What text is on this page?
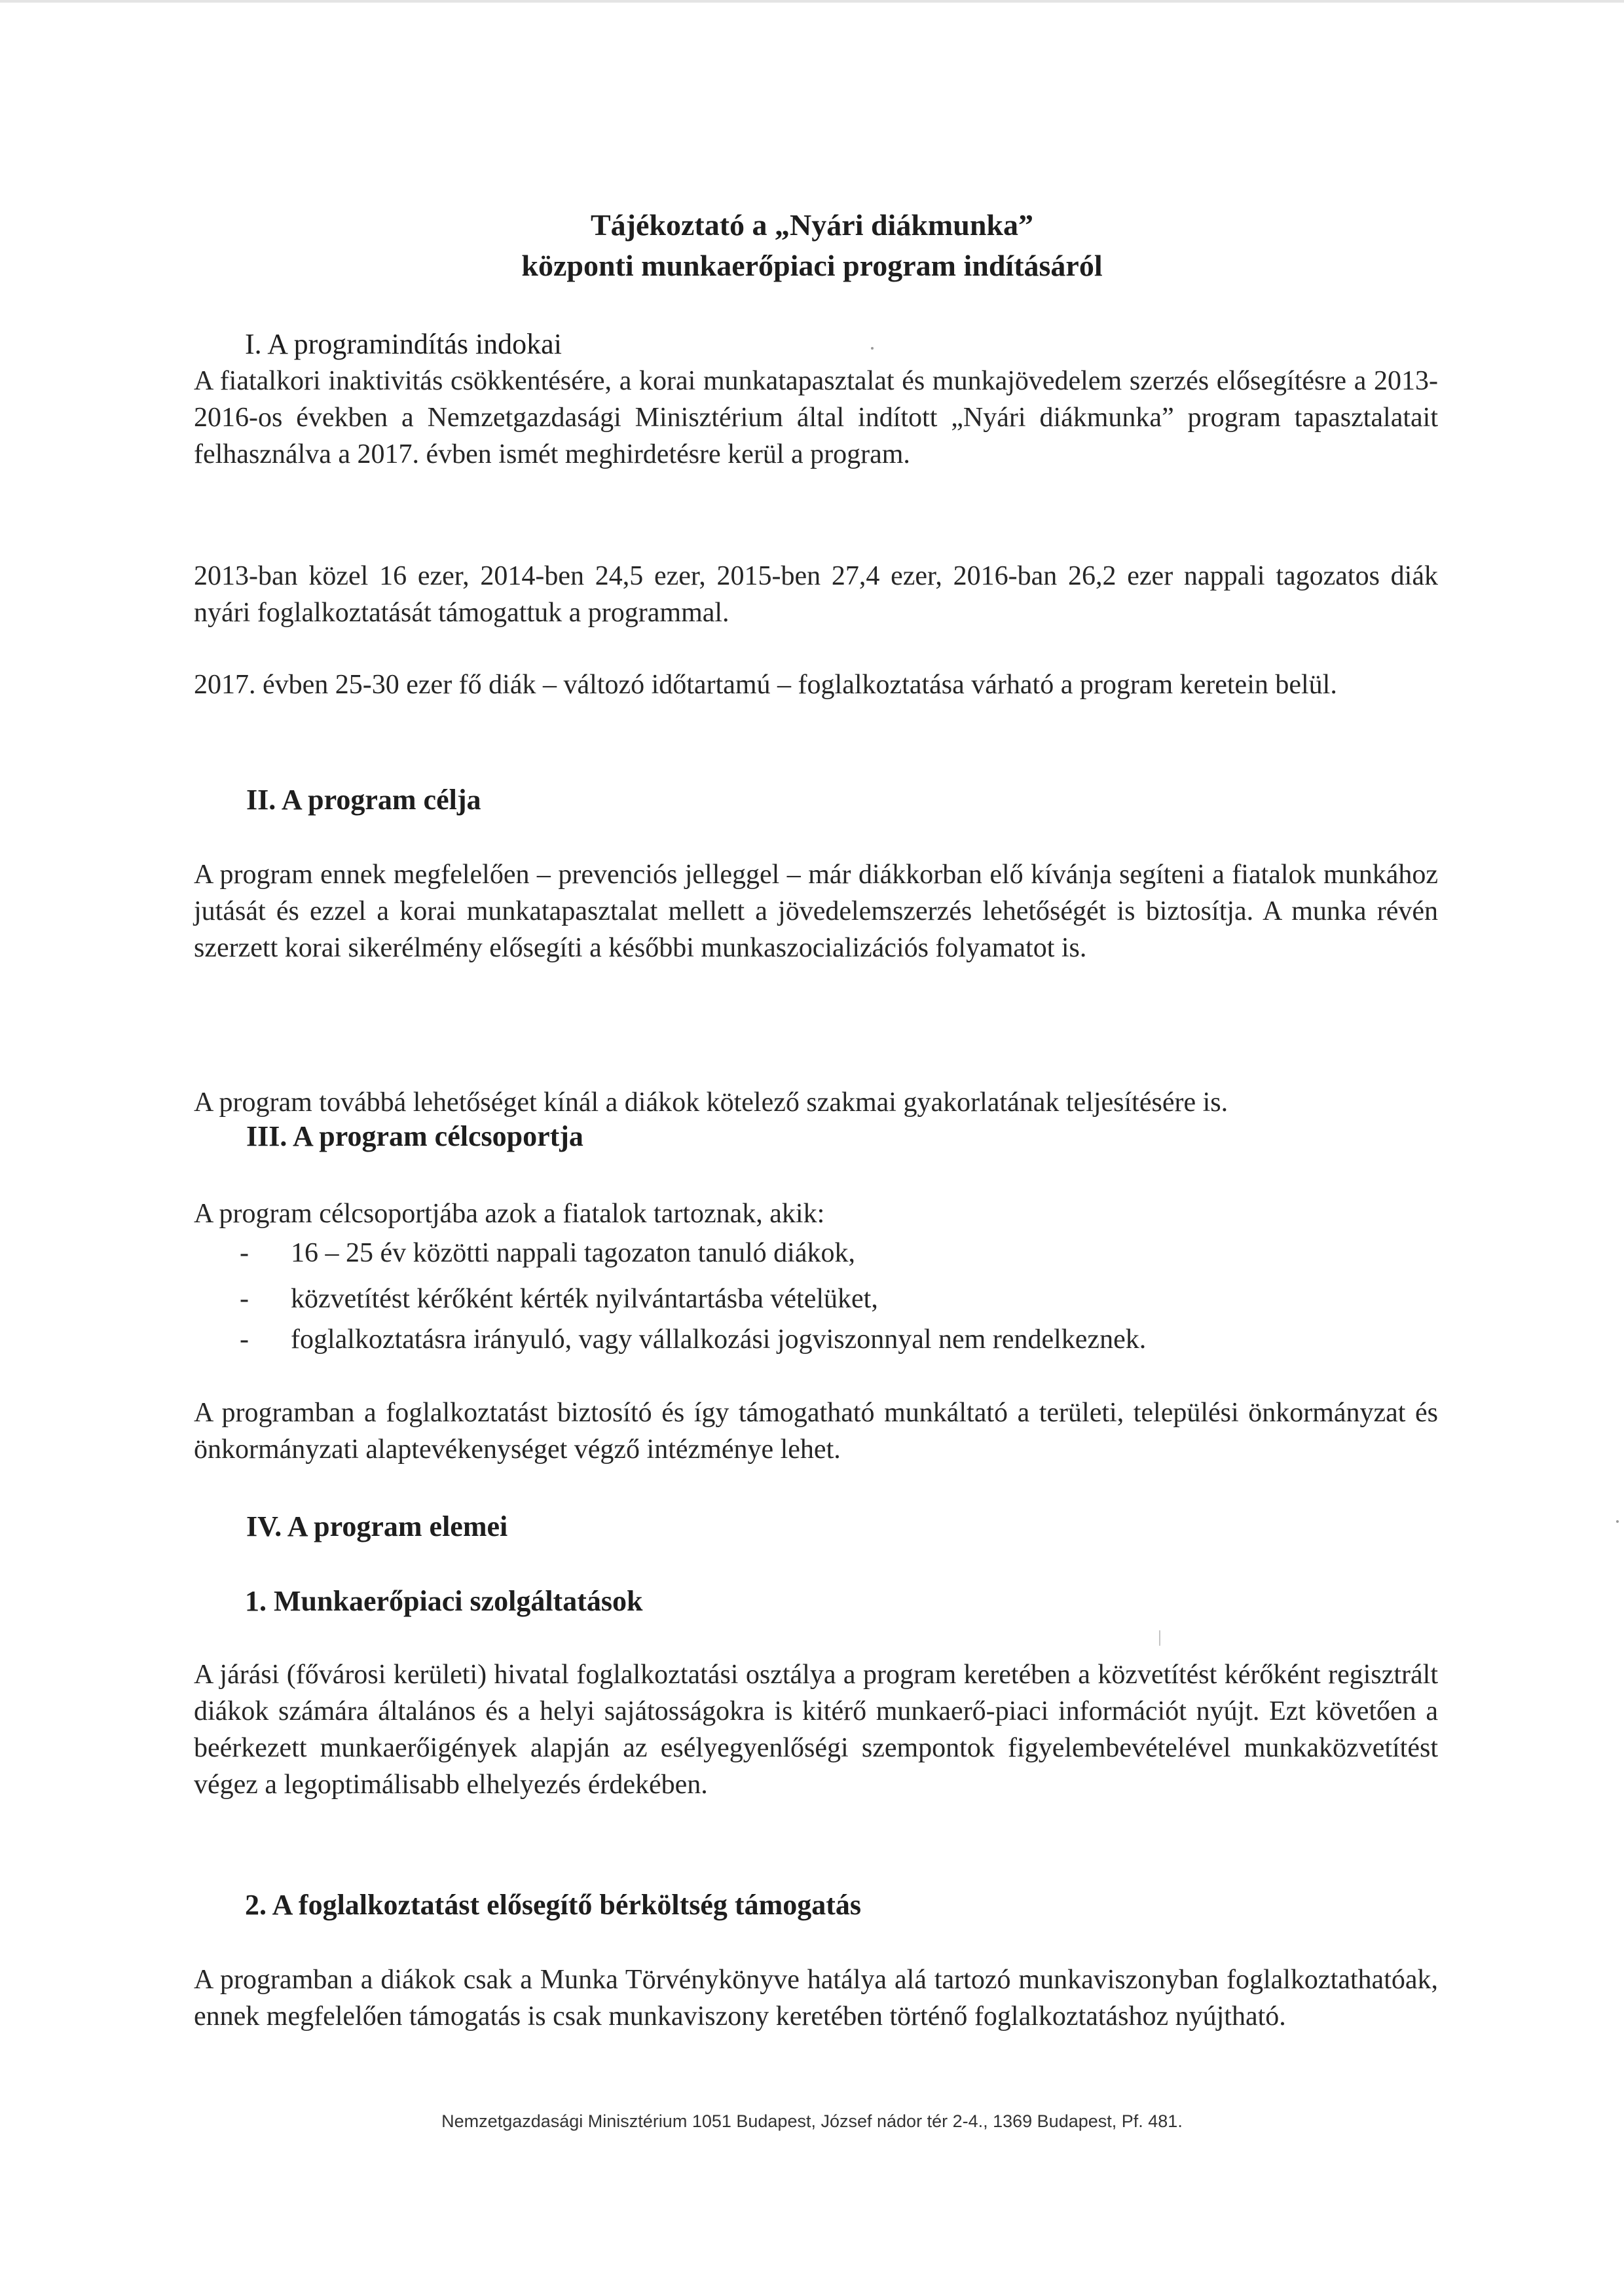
Tájékoztató a „Nyári diákmunka”
központi munkaerőpiaci program indításáról
I. A programindítás indokai
A fiatalkori inaktivitás csökkentésére, a korai munkatapasztalat és munkajövedelem szerzés elősegítésre a 2013-2016-os években a Nemzetgazdasági Minisztérium által indított „Nyári diákmunka” program tapasztalatait felhasználva a 2017. évben ismét meghirdetésre kerül a program.
2013-ban közel 16 ezer, 2014-ben 24,5 ezer, 2015-ben 27,4 ezer, 2016-ban 26,2 ezer nappali tagozatos diák nyári foglalkoztatását támogattuk a programmal.
2017. évben 25-30 ezer fő diák – változó időtartamú – foglalkoztatása várható a program keretein belül.
II. A program célja
A program ennek megfelelően – prevenciós jelleggel – már diákkorban elő kívánja segíteni a fiatalok munkához jutását és ezzel a korai munkatapasztalat mellett a jövedelemszerzés lehetőségét is biztosítja. A munka révén szerzett korai sikerélmény elősegíti a későbbi munkaszocializációs folyamatot is.
A program továbbá lehetőséget kínál a diákok kötelező szakmai gyakorlatának teljesítésére is.
III. A program célcsoportja
A program célcsoportjába azok a fiatalok tartoznak, akik:
- 16 – 25 év közötti nappali tagozaton tanuló diákok,
- közvetítést kérőként kérték nyilvántartásba vételüket,
- foglalkoztatásra irányuló, vagy vállalkozási jogviszonnyal nem rendelkeznek.
A programban a foglalkoztatást biztosító és így támogatható munkáltató a területi, települési önkormányzat és önkormányzati alaptevékenységet végző intézménye lehet.
IV. A program elemei
1. Munkaerőpiaci szolgáltatások
A járási (fővárosi kerületi) hivatal foglalkoztatási osztálya a program keretében a közvetítést kérőként regisztrált diákok számára általános és a helyi sajátosságokra is kitérő munkaerő-piaci információt nyújt. Ezt követően a beérkezett munkaerőigények alapján az esélyegyenlőségi szempontok figyelembevételével munkaközvetítést végez a legoptimálisabb elhelyezés érdekében.
2. A foglalkoztatást elősegítő bérköltség támogatás
A programban a diákok csak a Munka Törvénykönyve hatálya alá tartozó munkaviszonyban foglalkoztathatóak, ennek megfelelően támogatás is csak munkaviszony keretében történő foglalkoztatáshoz nyújtható.
Nemzetgazdasági Minisztérium 1051 Budapest, József nádor tér 2-4., 1369 Budapest, Pf. 481.
